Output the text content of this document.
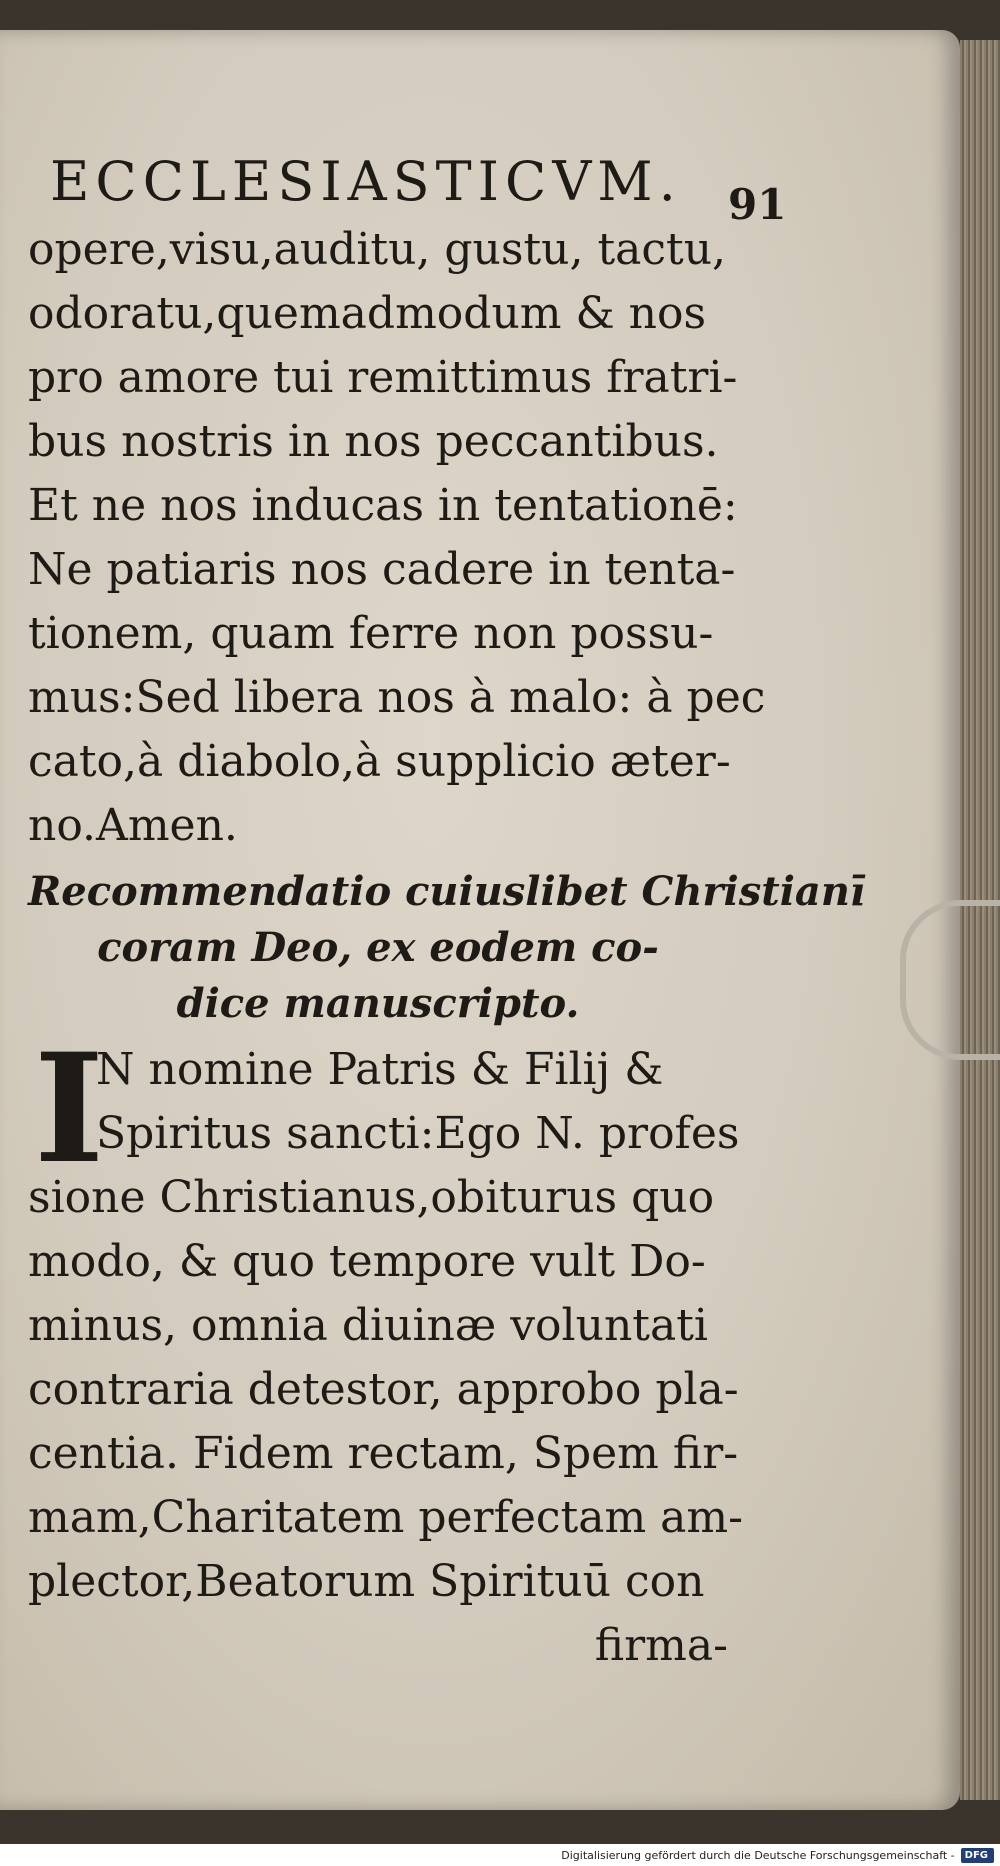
ECCLESIASTICVM.	91
opere,visu,auditu, gustu, tactu,
odoratu,quemadmodum & nos
pro amore tui remittimus fratri-
bus nostris in nos peccantibus.
Et ne nos inducas in tentationē:
Ne patiaris nos cadere in tenta-
tionem, quam ferre non possu-
mus:Sed libera nos à malo: à pec
cato,à diabolo,à supplicio æter-
no.Amen.
Recommendatio cuiuslibet Christianī
coram Deo, ex eodem co-
dice manuscripto.
I
N nomine Patris & Filij &
Spiritus sancti:Ego N. profes
sione Christianus,obiturus quo
modo, & quo tempore vult Do-
minus, omnia diuinæ voluntati
contraria detestor, approbo pla-
centia. Fidem rectam, Spem fir-
mam,Charitatem perfectam am-
plector,Beatorum Spirituū con
firma-
Digitalisierung gefördert durch die Deutsche Forschungsgemeinschaft -	DFG
